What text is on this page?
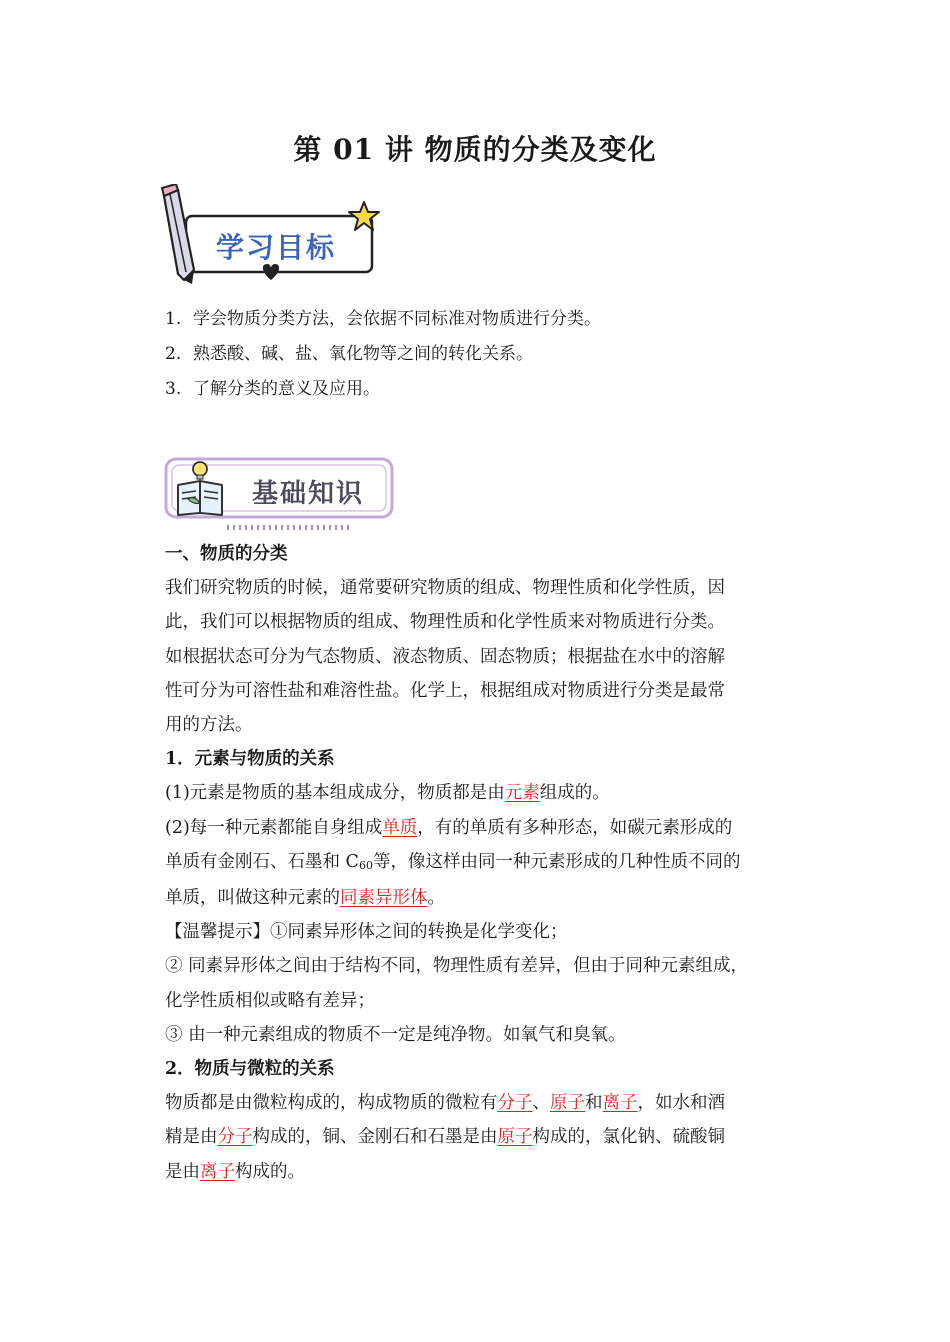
第 01 讲 物质的分类及变化
学习目标
1. 学会物质分类方法，会依据不同标准对物质进行分类。
2. 熟悉酸、碱、盐、氧化物等之间的转化关系。
3. 了解分类的意义及应用。
基础知识

一、物质的分类

我们研究物质的时候，通常要研究物质的组成、物理性质和化学性质，因

此，我们可以根据物质的组成、物理性质和化学性质来对物质进行分类。

如根据状态可分为气态物质、液态物质、固态物质；根据盐在水中的溶解

性可分为可溶性盐和难溶性盐。化学上，根据组成对物质进行分类是最常

用的方法。

1．元素与物质的关系

(1)元素是物质的基本组成成分，物质都是由元素组成的。

(2)每一种元素都能自身组成单质，有的单质有多种形态，如碳元素形成的

单质有金刚石、石墨和 $C_{60}$等，像这样由同一种元素形成的几种性质不同的

单质，叫做这种元素的同素异形体。

【温馨提示】①同素异形体之间的转换是化学变化；

② 同素异形体之间由于结构不同，物理性质有差异，但由于同种元素组成，

化学性质相似或略有差异；

③ 由一种元素组成的物质不一定是纯净物。如氧气和臭氧。

2．物质与微粒的关系

物质都是由微粒构成的，构成物质的微粒有分子、原子和离子，如水和酒

精是由分子构成的，铜、金刚石和石墨是由原子构成的，氯化钠、硫酸铜

是由离子构成的。
